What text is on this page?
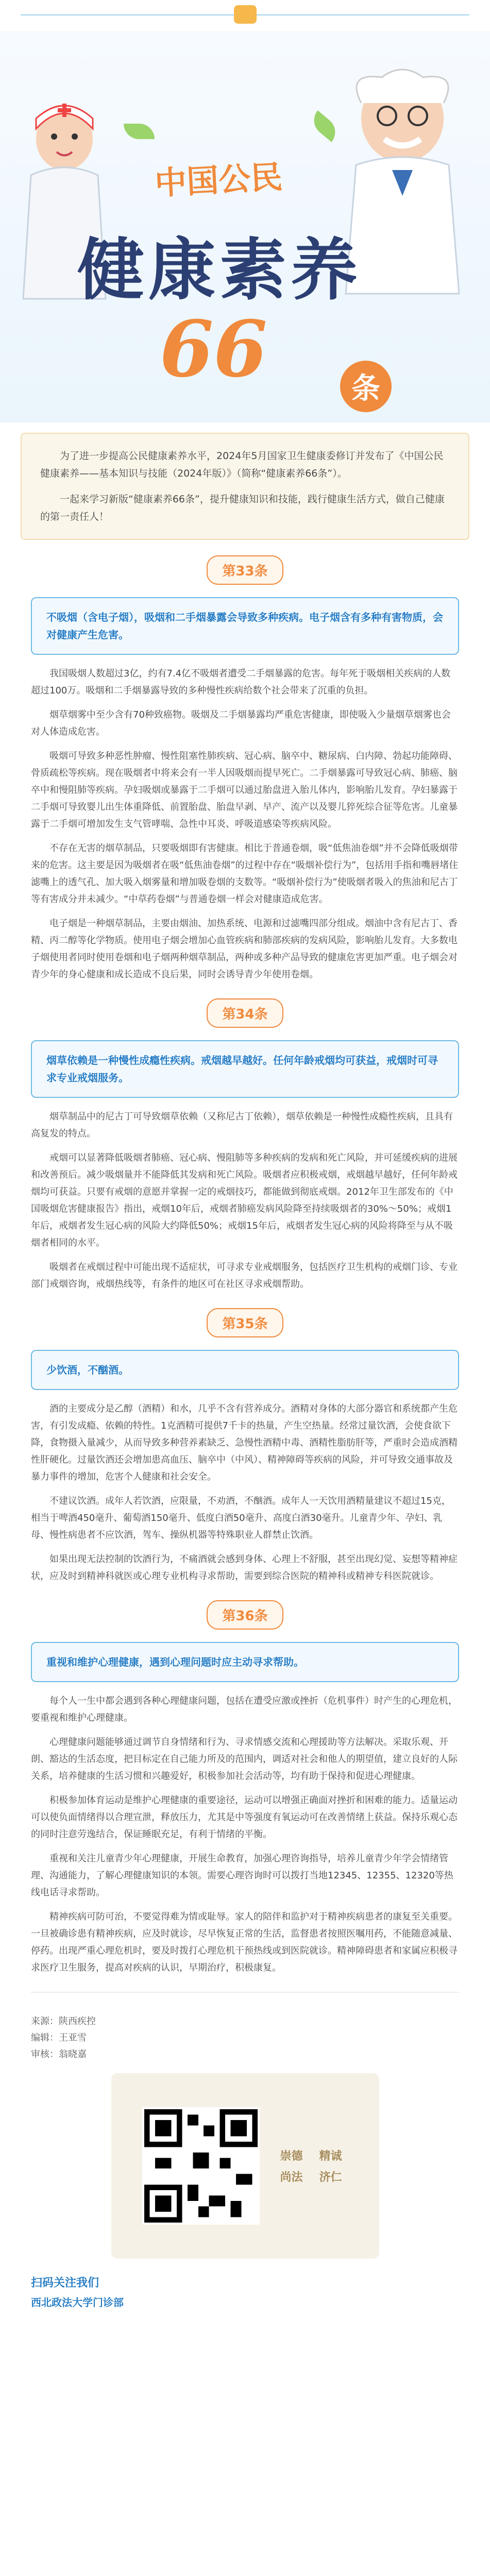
中国公民
健康素养
66	条

为了进一步提高公民健康素养水平，2024年5月国家卫生健康委修订并发布了《中国公民健康素养——基本知识与技能（2024年版）》（简称“健康素养66条”）。

一起来学习新版“健康素养66条”，提升健康知识和技能，践行健康生活方式，做自己健康的第一责任人！

第33条
不吸烟（含电子烟），吸烟和二手烟暴露会导致多种疾病。电子烟含有多种有害物质，会对健康产生危害。

我国吸烟人数超过3亿，约有7.4亿不吸烟者遭受二手烟暴露的危害。每年死于吸烟相关疾病的人数超过100万。吸烟和二手烟暴露导致的多种慢性疾病给数个社会带来了沉重的负担。

烟草烟雾中至少含有70种致癌物。吸烟及二手烟暴露均严重危害健康，即使吸入少量烟草烟雾也会对人体造成危害。

吸烟可导致多种恶性肿瘤、慢性阻塞性肺疾病、冠心病、脑卒中、糖尿病、白内障、勃起功能障碍、骨质疏松等疾病。现在吸烟者中将来会有一半人因吸烟而提早死亡。二手烟暴露可导致冠心病、肺癌、脑卒中和慢阻肺等疾病。孕妇吸烟或暴露于二手烟可以通过胎盘进入胎儿体内，影响胎儿发育。孕妇暴露于二手烟可导致婴儿出生体重降低、前置胎盘、胎盘早剥、早产、流产以及婴儿猝死综合征等危害。儿童暴露于二手烟可增加发生支气管哮喘、急性中耳炎、呼吸道感染等疾病风险。

不存在无害的烟草制品，只要吸烟即有害健康。相比于普通卷烟，吸“低焦油卷烟”并不会降低吸烟带来的危害。这主要是因为吸烟者在吸“低焦油卷烟”的过程中存在“吸烟补偿行为”，包括用手指和嘴唇堵住滤嘴上的透气孔、加大吸入烟雾量和增加吸卷烟的支数等。“吸烟补偿行为”使吸烟者吸入的焦油和尼古丁等有害成分并未减少。“中草药卷烟”与普通卷烟一样会对健康造成危害。

电子烟是一种烟草制品，主要由烟油、加热系统、电源和过滤嘴四部分组成。烟油中含有尼古丁、香精、丙二醇等化学物质。使用电子烟会增加心血管疾病和肺部疾病的发病风险，影响胎儿发育。大多数电子烟使用者同时使用卷烟和电子烟两种烟草制品，两种或多种产品导致的健康危害更加严重。电子烟会对青少年的身心健康和成长造成不良后果，同时会诱导青少年使用卷烟。

第34条
烟草依赖是一种慢性成瘾性疾病。戒烟越早越好。任何年龄戒烟均可获益，戒烟时可寻求专业戒烟服务。

烟草制品中的尼古丁可导致烟草依赖（又称尼古丁依赖），烟草依赖是一种慢性成瘾性疾病，且具有高复发的特点。

戒烟可以显著降低吸烟者肺癌、冠心病、慢阻肺等多种疾病的发病和死亡风险，并可延缓疾病的进展和改善预后。减少吸烟量并不能降低其发病和死亡风险。吸烟者应积极戒烟，戒烟越早越好，任何年龄戒烟均可获益。只要有戒烟的意愿并掌握一定的戒烟技巧，都能做到彻底戒烟。2012年卫生部发布的《中国吸烟危害健康报告》指出，戒烟10年后，戒烟者肺癌发病风险降至持续吸烟者的30%～50%；戒烟1年后，戒烟者发生冠心病的风险大约降低50%；戒烟15年后，戒烟者发生冠心病的风险将降至与从不吸烟者相同的水平。

吸烟者在戒烟过程中可能出现不适症状，可寻求专业戒烟服务，包括医疗卫生机构的戒烟门诊、专业部门戒烟咨询，戒烟热线等，有条件的地区可在社区寻求戒烟帮助。

第35条
少饮酒，不酗酒。

酒的主要成分是乙醇（酒精）和水，几乎不含有营养成分。酒精对身体的大部分器官和系统都产生危害，有引发成瘾、依赖的特性。1克酒精可提供7千卡的热量，产生空热量。经常过量饮酒，会使食欲下降，食物摄入量减少，从而导致多种营养素缺乏、急慢性酒精中毒、酒精性脂肪肝等，严重时会造成酒精性肝硬化。过量饮酒还会增加患高血压、脑卒中（中风）、精神障碍等疾病的风险，并可导致交通事故及暴力事件的增加，危害个人健康和社会安全。

不建议饮酒。成年人若饮酒，应限量，不劝酒，不酗酒。成年人一天饮用酒精量建议不超过15克，相当于啤酒450毫升、葡萄酒150毫升、低度白酒50毫升、高度白酒30毫升。儿童青少年、孕妇、乳母、慢性病患者不应饮酒，驾车、操纵机器等特殊职业人群禁止饮酒。

如果出现无法控制的饮酒行为，不痛酒就会感到身体、心理上不舒服，甚至出现幻觉、妄想等精神症状，应及时到精神科就医或心理专业机构寻求帮助，需要到综合医院的精神科或精神专科医院就诊。

第36条
重视和维护心理健康，遇到心理问题时应主动寻求帮助。

每个人一生中都会遇到各种心理健康问题，包括在遭受应激或挫折（危机事件）时产生的心理危机，要重视和维护心理健康。

心理健康问题能够通过调节自身情绪和行为、寻求情感交流和心理援助等方法解决。采取乐观、开朗、豁达的生活态度，把目标定在自己能力所及的范围内，调适对社会和他人的期望值，建立良好的人际关系，培养健康的生活习惯和兴趣爱好，积极参加社会活动等，均有助于保持和促进心理健康。

积极参加体育运动是维护心理健康的重要途径，运动可以增强正确面对挫折和困难的能力。适量运动可以使负面情绪得以合理宣泄，释放压力，尤其是中等强度有氧运动可在改善情绪上获益。保持乐观心态的同时注意劳逸结合，保证睡眠充足，有利于情绪的平衡。

重视和关注儿童青少年心理健康，开展生命教育，加强心理咨询指导，培养儿童青少年学会情绪管理、沟通能力，了解心理健康知识的本领。需要心理咨询时可以拨打当地12345、12355、12320等热线电话寻求帮助。

精神疾病可防可治，不要觉得难为情或耻辱。家人的陪伴和监护对于精神疾病患者的康复至关重要。一旦被确诊患有精神疾病，应及时就诊，尽早恢复正常的生活，监督患者按照医嘱用药，不能随意减量、停药。出现严重心理危机时，要及时拨打心理危机干预热线或到医院就诊。精神障碍患者和家属应积极寻求医疗卫生服务，提高对疾病的认识，早期治疗，积极康复。

来源：陕西疾控
编辑：王亚雪
审核：翁晓嘉
崇德	精诚
尚法	济仁
扫码关注我们
西北政法大学门诊部
